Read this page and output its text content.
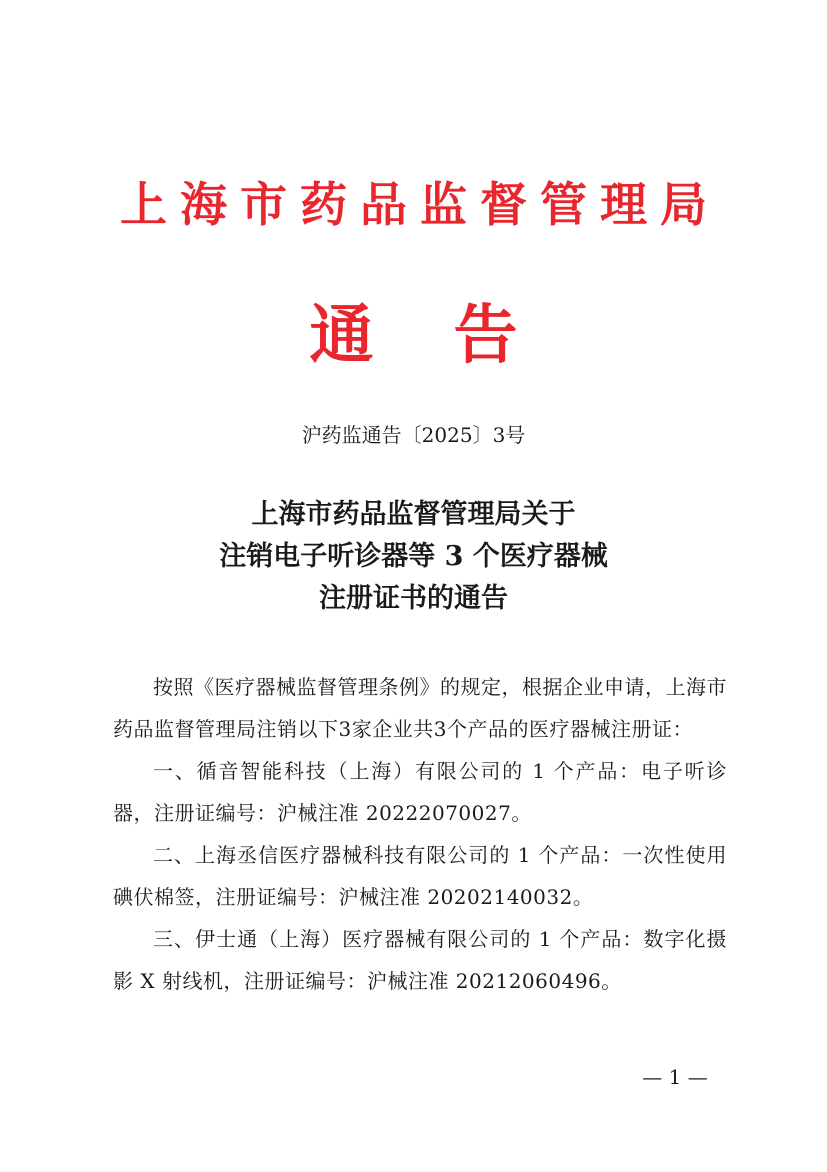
上海市药品监督管理局
通告
沪药监通告〔2025〕3号
上海市药品监督管理局关于
注销电子听诊器等 3 个医疗器械
注册证书的通告

按照《医疗器械监督管理条例》的规定，根据企业申请，上海市药品监督管理局注销以下3家企业共3个产品的医疗器械注册证：

一、循音智能科技（上海）有限公司的 1 个产品：电子听诊器，注册证编号：沪械注准 20222070027。

二、上海丞信医疗器械科技有限公司的 1 个产品：一次性使用碘伏棉签，注册证编号：沪械注准 20202140032。

三、伊士通（上海）医疗器械有限公司的 1 个产品：数字化摄影 X 射线机，注册证编号：沪械注准 20212060496。

— 1 —
